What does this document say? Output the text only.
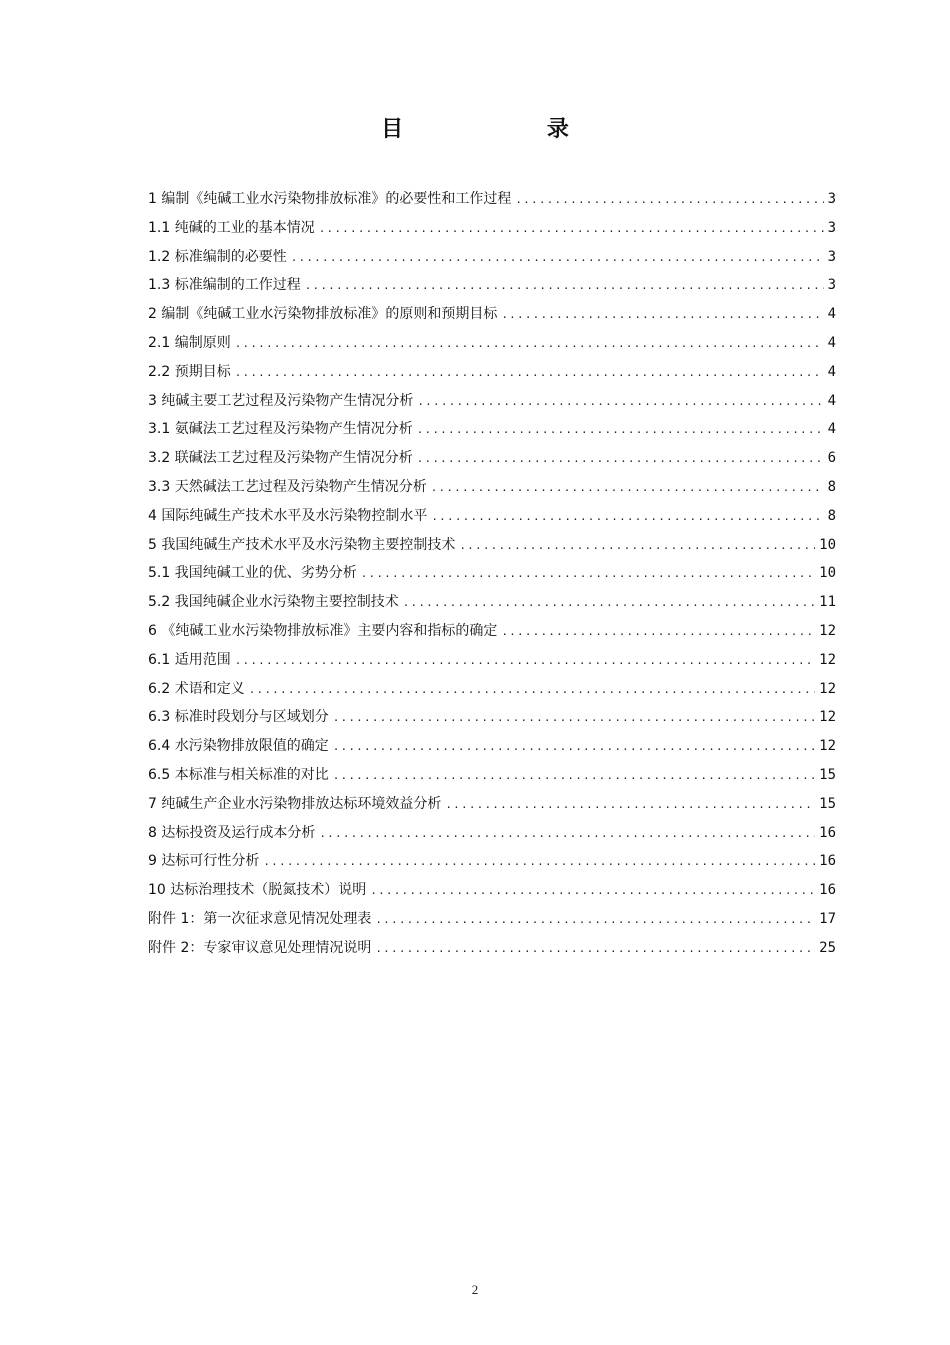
目 录
1 编制《纯碱工业水污染物排放标准》的必要性和工作过程 .....	3
1.1 纯碱的工业的基本情况 .....	3
1.2 标准编制的必要性 .....	3
1.3 标准编制的工作过程 .....	3
2 编制《纯碱工业水污染物排放标准》的原则和预期目标 .....	4
2.1 编制原则 .....	4
2.2 预期目标 .....	4
3 纯碱主要工艺过程及污染物产生情况分析 .....	4
3.1 氨碱法工艺过程及污染物产生情况分析 .....	4
3.2 联碱法工艺过程及污染物产生情况分析 .....	6
3.3 天然碱法工艺过程及污染物产生情况分析 .....	8
4 国际纯碱生产技术水平及水污染物控制水平 .....	8
5 我国纯碱生产技术水平及水污染物主要控制技术 .....	10
5.1 我国纯碱工业的优、劣势分析 .....	10
5.2 我国纯碱企业水污染物主要控制技术 .....	11
6 《纯碱工业水污染物排放标准》主要内容和指标的确定 .....	12
6.1 适用范围 .....	12
6.2 术语和定义 .....	12
6.3 标准时段划分与区域划分 .....	12
6.4 水污染物排放限值的确定 .....	12
6.5 本标准与相关标准的对比 .....	15
7 纯碱生产企业水污染物排放达标环境效益分析 .....	15
8 达标投资及运行成本分析 .....	16
9 达标可行性分析 .....	16
10 达标治理技术（脱氮技术）说明 .....	16
附件 1：第一次征求意见情况处理表 .....	17
附件 2：专家审议意见处理情况说明 .....	25
2
